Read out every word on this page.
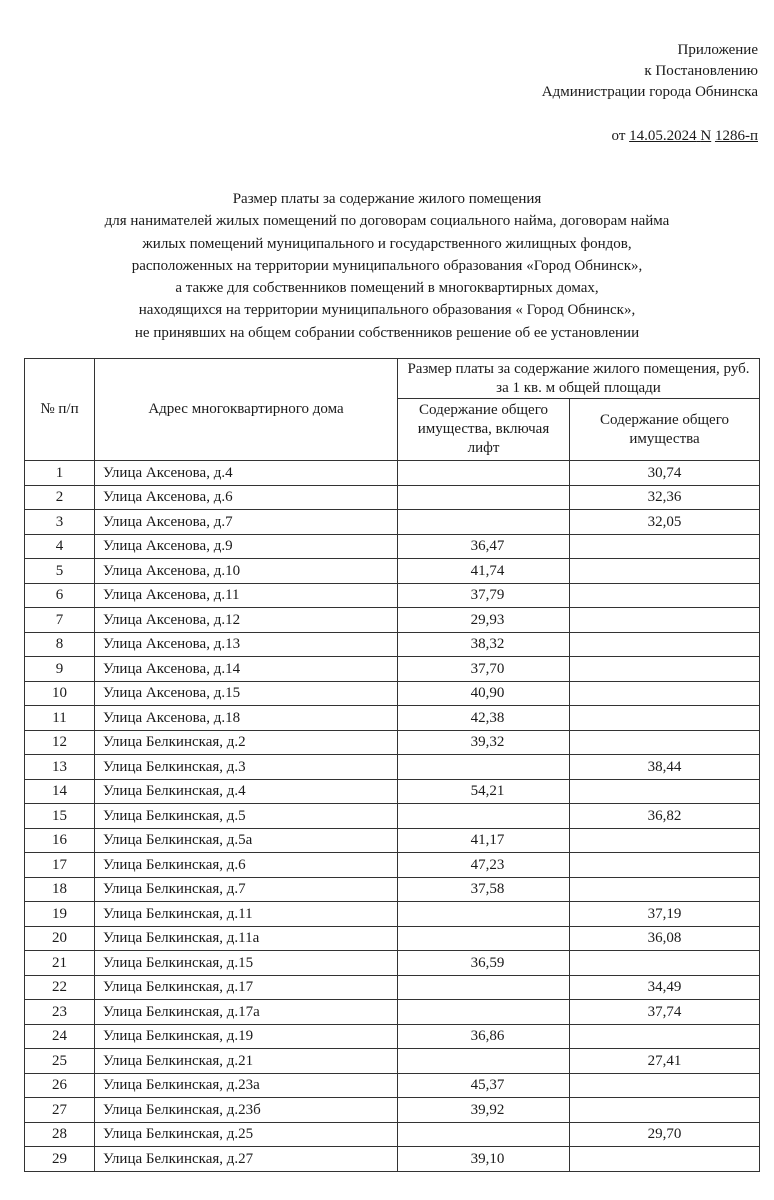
Приложение
к Постановлению
Администрации города Обнинска
от 14.05.2024 N 1286-п
Размер платы за содержание жилого помещения
для нанимателей жилых помещений по договорам социального найма, договорам найма
жилых помещений муниципального и государственного жилищных фондов,
расположенных на территории муниципального образования «Город Обнинск»,
а также для собственников помещений в многоквартирных домах,
находящихся на территории муниципального образования « Город Обнинск»,
не принявших на общем собрании собственников решение об ее установлении
№ п/п	Адрес многоквартирного дома	Размер платы за содержание жилого помещения, руб. за 1 кв. м общей площади	
		Содержание общего имущества, включая лифт	Содержание общего имущества
1	Улица Аксенова, д.4		30,74
2	Улица Аксенова, д.6		32,36
3	Улица Аксенова, д.7		32,05
4	Улица Аксенова, д.9	36,47	
5	Улица Аксенова, д.10	41,74	
6	Улица Аксенова, д.11	37,79	
7	Улица Аксенова, д.12	29,93	
8	Улица Аксенова, д.13	38,32	
9	Улица Аксенова, д.14	37,70	
10	Улица Аксенова, д.15	40,90	
11	Улица Аксенова, д.18	42,38	
12	Улица Белкинская, д.2	39,32	
13	Улица Белкинская, д.3		38,44
14	Улица Белкинская, д.4	54,21	
15	Улица Белкинская, д.5		36,82
16	Улица Белкинская, д.5а	41,17	
17	Улица Белкинская, д.6	47,23	
18	Улица Белкинская, д.7	37,58	
19	Улица Белкинская, д.11		37,19
20	Улица Белкинская, д.11а		36,08
21	Улица Белкинская, д.15	36,59	
22	Улица Белкинская, д.17		34,49
23	Улица Белкинская, д.17а		37,74
24	Улица Белкинская, д.19	36,86	
25	Улица Белкинская, д.21		27,41
26	Улица Белкинская, д.23а	45,37	
27	Улица Белкинская, д.23б	39,92	
28	Улица Белкинская, д.25		29,70
29	Улица Белкинская, д.27	39,10	
